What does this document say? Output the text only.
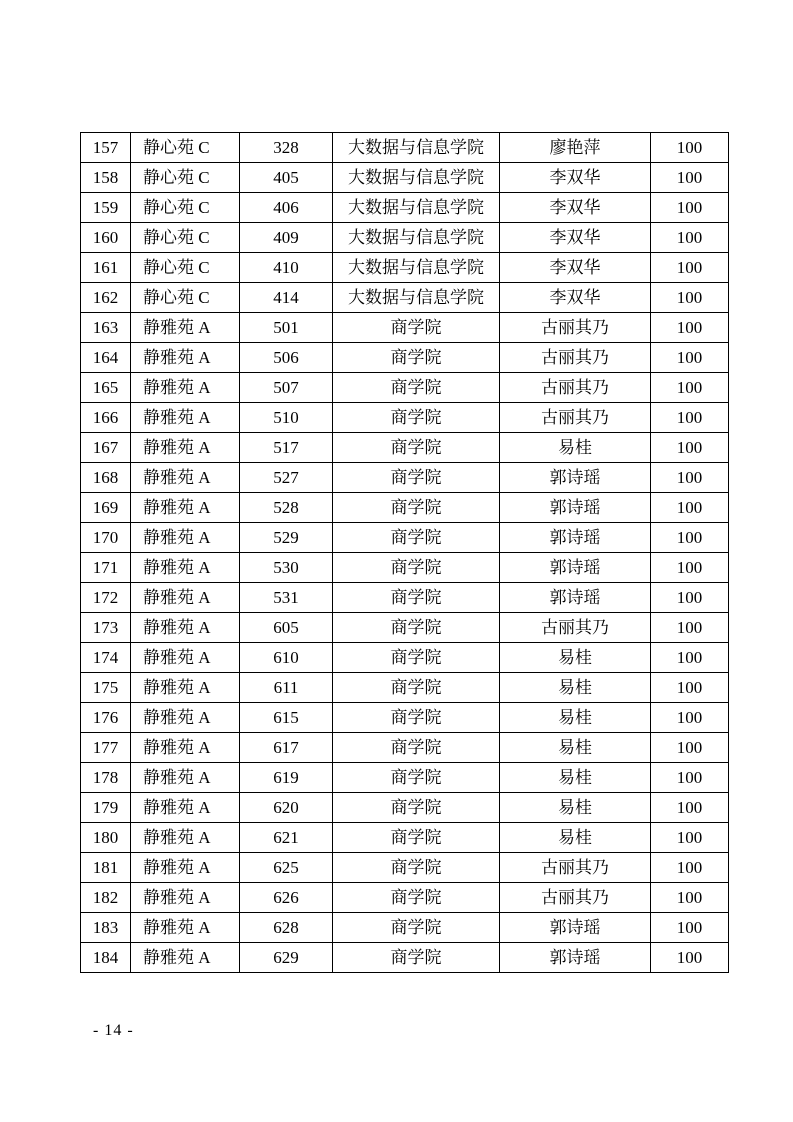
157	静心苑 C	328	大数据与信息学院	廖艳萍	100
158	静心苑 C	405	大数据与信息学院	李双华	100
159	静心苑 C	406	大数据与信息学院	李双华	100
160	静心苑 C	409	大数据与信息学院	李双华	100
161	静心苑 C	410	大数据与信息学院	李双华	100
162	静心苑 C	414	大数据与信息学院	李双华	100
163	静雅苑 A	501	商学院	古丽其乃	100
164	静雅苑 A	506	商学院	古丽其乃	100
165	静雅苑 A	507	商学院	古丽其乃	100
166	静雅苑 A	510	商学院	古丽其乃	100
167	静雅苑 A	517	商学院	易桂	100
168	静雅苑 A	527	商学院	郭诗瑶	100
169	静雅苑 A	528	商学院	郭诗瑶	100
170	静雅苑 A	529	商学院	郭诗瑶	100
171	静雅苑 A	530	商学院	郭诗瑶	100
172	静雅苑 A	531	商学院	郭诗瑶	100
173	静雅苑 A	605	商学院	古丽其乃	100
174	静雅苑 A	610	商学院	易桂	100
175	静雅苑 A	611	商学院	易桂	100
176	静雅苑 A	615	商学院	易桂	100
177	静雅苑 A	617	商学院	易桂	100
178	静雅苑 A	619	商学院	易桂	100
179	静雅苑 A	620	商学院	易桂	100
180	静雅苑 A	621	商学院	易桂	100
181	静雅苑 A	625	商学院	古丽其乃	100
182	静雅苑 A	626	商学院	古丽其乃	100
183	静雅苑 A	628	商学院	郭诗瑶	100
184	静雅苑 A	629	商学院	郭诗瑶	100
- 14 -
